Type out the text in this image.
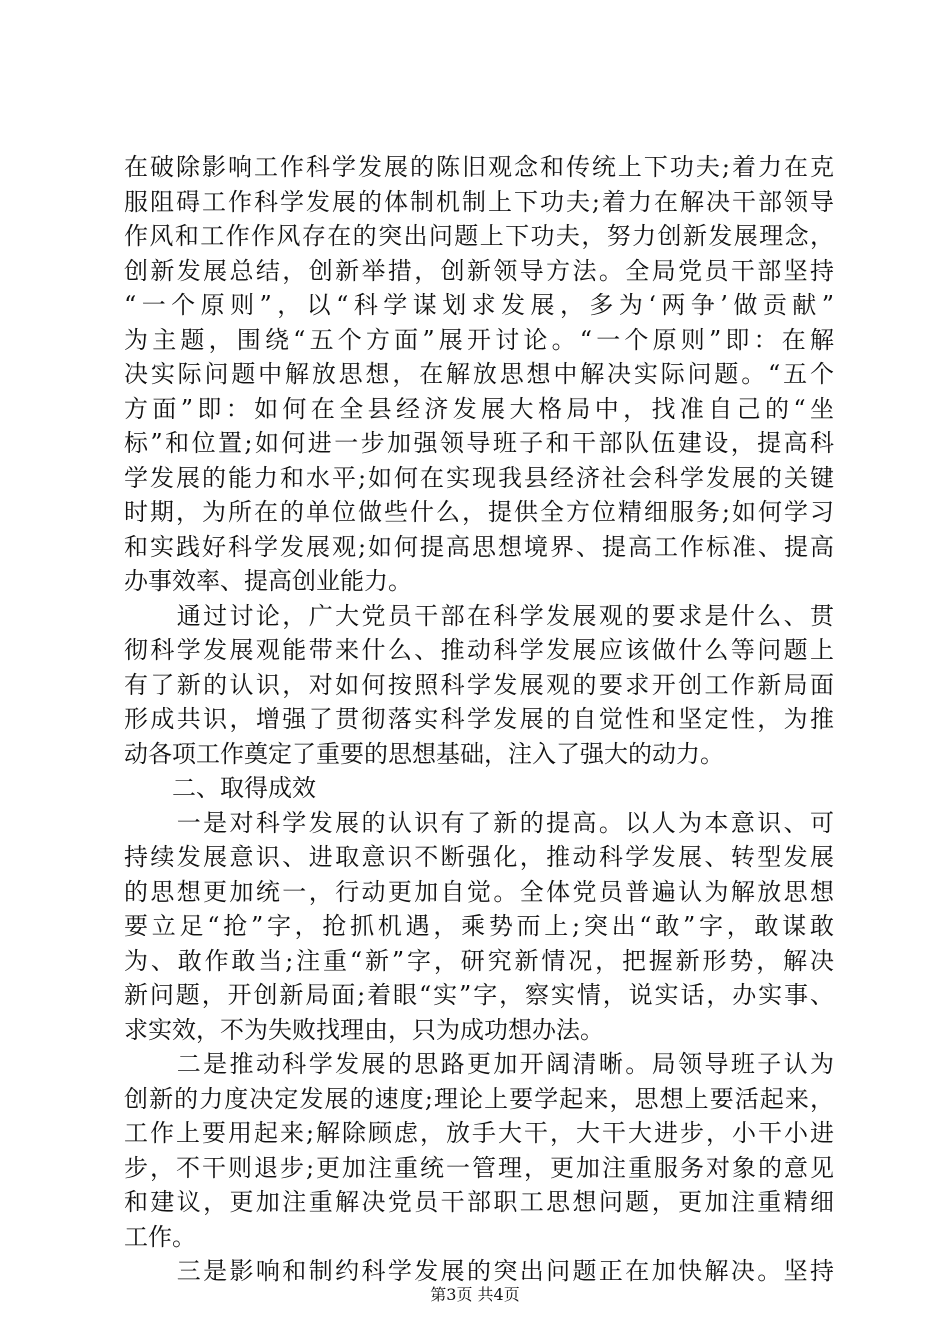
在破除影响工作科学发展的陈旧观念和传统上下功夫;着力在克
服阻碍工作科学发展的体制机制上下功夫;着力在解决干部领导
作风和工作作风存在的突出问题上下功夫，努力创新发展理念，
创新发展总结，创新举措，创新领导方法。全局党员干部坚持
“一个原则”，以“科学谋划求发展，多为‘两争’做贡献”
为主题，围绕“五个方面”展开讨论。“一个原则”即：在解
决实际问题中解放思想，在解放思想中解决实际问题。“五个
方面”即：如何在全县经济发展大格局中，找准自己的“坐
标”和位置;如何进一步加强领导班子和干部队伍建设，提高科
学发展的能力和水平;如何在实现我县经济社会科学发展的关键
时期，为所在的单位做些什么，提供全方位精细服务;如何学习
和实践好科学发展观;如何提高思想境界、提高工作标准、提高
办事效率、提高创业能力。
　　通过讨论，广大党员干部在科学发展观的要求是什么、贯
彻科学发展观能带来什么、推动科学发展应该做什么等问题上
有了新的认识，对如何按照科学发展观的要求开创工作新局面
形成共识，增强了贯彻落实科学发展的自觉性和坚定性，为推
动各项工作奠定了重要的思想基础，注入了强大的动力。
　　二、取得成效
　　一是对科学发展的认识有了新的提高。以人为本意识、可
持续发展意识、进取意识不断强化，推动科学发展、转型发展
的思想更加统一，行动更加自觉。全体党员普遍认为解放思想
要立足“抢”字，抢抓机遇，乘势而上;突出“敢”字，敢谋敢
为、敢作敢当;注重“新”字，研究新情况，把握新形势，解决
新问题，开创新局面;着眼“实”字，察实情，说实话，办实事、
求实效，不为失败找理由，只为成功想办法。
　　二是推动科学发展的思路更加开阔清晰。局领导班子认为
创新的力度决定发展的速度;理论上要学起来，思想上要活起来，
工作上要用起来;解除顾虑，放手大干，大干大进步，小干小进
步，不干则退步;更加注重统一管理，更加注重服务对象的意见
和建议，更加注重解决党员干部职工思想问题，更加注重精细
工作。
　　三是影响和制约科学发展的突出问题正在加快解决。坚持
第3页 共4页
